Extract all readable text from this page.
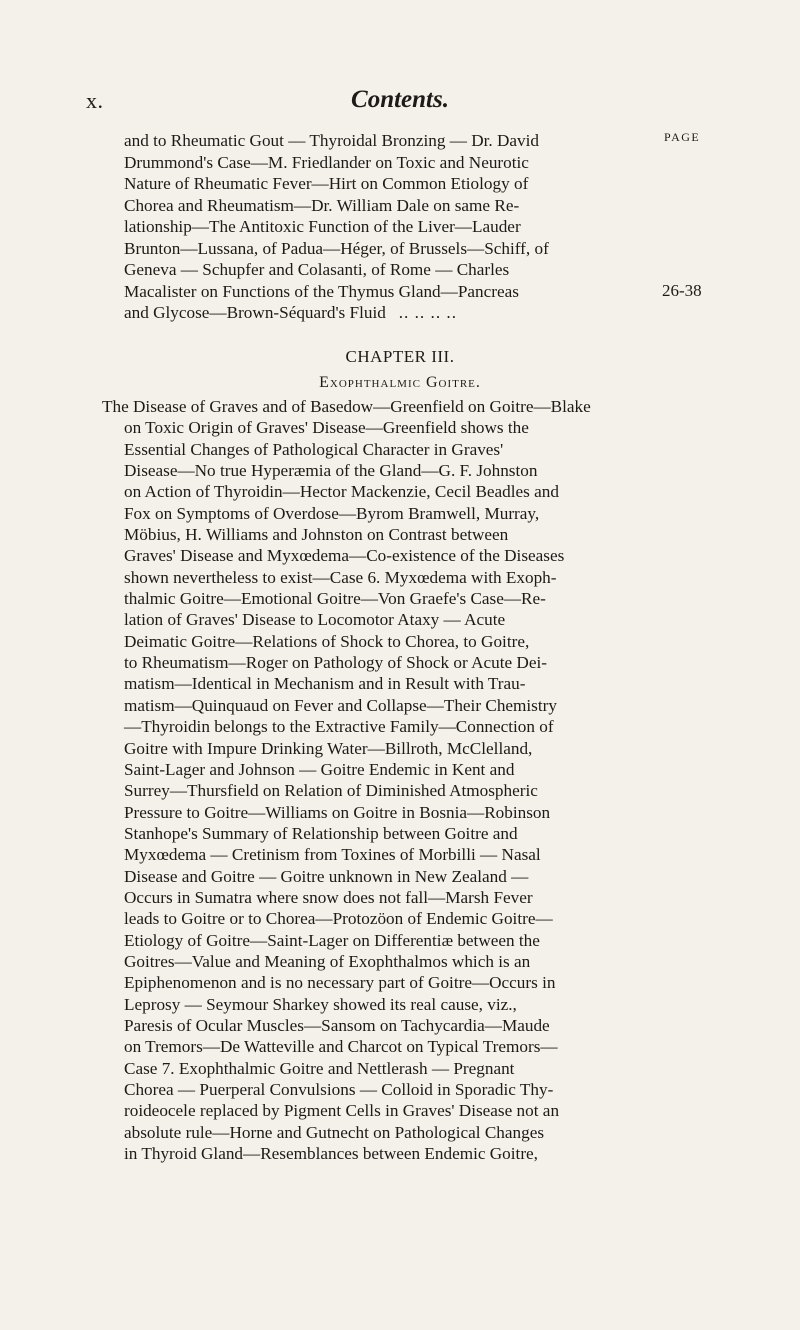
x.	Contents.
PAGE
and to Rheumatic Gout — Thyroidal Bronzing — Dr. David
Drummond's Case—M. Friedlander on Toxic and Neurotic
Nature of Rheumatic Fever—Hirt on Common Etiology of
Chorea and Rheumatism—Dr. William Dale on same Re-
lationship—The Antitoxic Function of the Liver—Lauder
Brunton—Lussana, of Padua—Héger, of Brussels—Schiff, of
Geneva — Schupfer and Colasanti, of Rome — Charles
Macalister on Functions of the Thymus Gland—Pancreas
and Glycose—Brown-Séquard's Fluid .. .. .. ..
26-38
CHAPTER III.
Exophthalmic Goitre.
The Disease of Graves and of Basedow—Greenfield on Goitre—Blake
on Toxic Origin of Graves' Disease—Greenfield shows the
Essential Changes of Pathological Character in Graves'
Disease—No true Hyperæmia of the Gland—G. F. Johnston
on Action of Thyroidin—Hector Mackenzie, Cecil Beadles and
Fox on Symptoms of Overdose—Byrom Bramwell, Murray,
Möbius, H. Williams and Johnston on Contrast between
Graves' Disease and Myxœdema—Co-existence of the Diseases
shown nevertheless to exist—Case 6. Myxœdema with Exoph-
thalmic Goitre—Emotional Goitre—Von Graefe's Case—Re-
lation of Graves' Disease to Locomotor Ataxy — Acute
Deimatic Goitre—Relations of Shock to Chorea, to Goitre,
to Rheumatism—Roger on Pathology of Shock or Acute Dei-
matism—Identical in Mechanism and in Result with Trau-
matism—Quinquaud on Fever and Collapse—Their Chemistry
—Thyroidin belongs to the Extractive Family—Connection of
Goitre with Impure Drinking Water—Billroth, McClelland,
Saint-Lager and Johnson — Goitre Endemic in Kent and
Surrey—Thursfield on Relation of Diminished Atmospheric
Pressure to Goitre—Williams on Goitre in Bosnia—Robinson
Stanhope's Summary of Relationship between Goitre and
Myxœdema — Cretinism from Toxines of Morbilli — Nasal
Disease and Goitre — Goitre unknown in New Zealand —
Occurs in Sumatra where snow does not fall—Marsh Fever
leads to Goitre or to Chorea—Protozöon of Endemic Goitre—
Etiology of Goitre—Saint-Lager on Differentiæ between the
Goitres—Value and Meaning of Exophthalmos which is an
Epiphenomenon and is no necessary part of Goitre—Occurs in
Leprosy — Seymour Sharkey showed its real cause, viz.,
Paresis of Ocular Muscles—Sansom on Tachycardia—Maude
on Tremors—De Watteville and Charcot on Typical Tremors—
Case 7. Exophthalmic Goitre and Nettlerash — Pregnant
Chorea — Puerperal Convulsions — Colloid in Sporadic Thy-
roideocele replaced by Pigment Cells in Graves' Disease not an
absolute rule—Horne and Gutnecht on Pathological Changes
in Thyroid Gland—Resemblances between Endemic Goitre,
